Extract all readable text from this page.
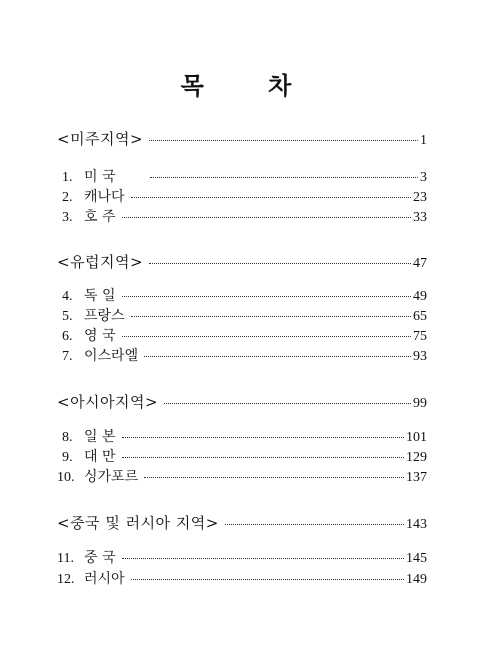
목 차
<미주지역>	1
1. 미 국	3
2. 캐나다	23
3. 호 주	33
<유럽지역>	47
4. 독 일	49
5. 프랑스	65
6. 영 국	75
7. 이스라엘	93
<아시아지역>	99
8. 일 본	101
9. 대 만	129
10. 싱가포르	137
<중국 및 러시아 지역>	143
11. 중 국	145
12. 러시아	149
